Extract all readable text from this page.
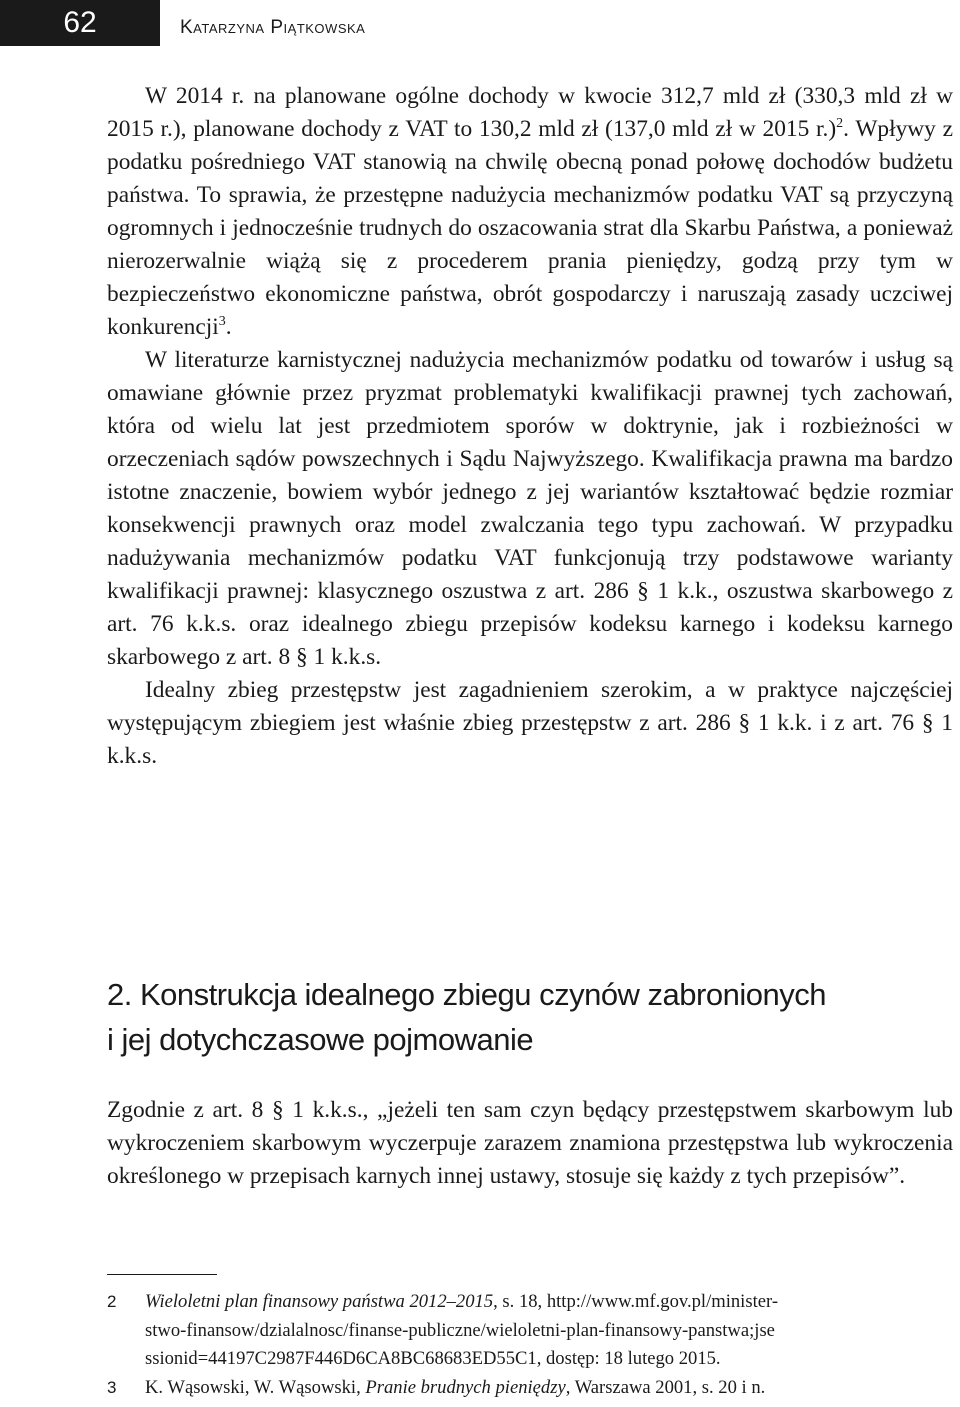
62	Katarzyna Piątkowska

W 2014 r. na planowane ogólne dochody w kwocie 312,7 mld zł (330,3 mld zł w 2015 r.), planowane dochody z VAT to 130,2 mld zł (137,0 mld zł w 2015 r.)$^2$. Wpływy z podatku pośredniego VAT stanowią na chwilę obecną ponad połowę dochodów budżetu państwa. To sprawia, że przestępne nadużycia mechanizmów podatku VAT są przyczyną ogromnych i jednocześnie trudnych do oszacowania strat dla Skarbu Państwa, a ponieważ nierozerwalnie wiążą się z procederem prania pieniędzy, godzą przy tym w bezpieczeństwo ekonomiczne państwa, obrót gospodarczy i naruszają zasady uczciwej konkurencji$^3$.

W literaturze karnistycznej nadużycia mechanizmów podatku od towarów i usług są omawiane głównie przez pryzmat problematyki kwalifikacji prawnej tych zachowań, która od wielu lat jest przedmiotem sporów w doktrynie, jak i rozbieżności w orzeczeniach sądów powszechnych i Sądu Najwyższego. Kwalifikacja prawna ma bardzo istotne znaczenie, bowiem wybór jednego z jej wariantów kształtować będzie rozmiar konsekwencji prawnych oraz model zwalczania tego typu zachowań. W przypadku nadużywania mechanizmów podatku VAT funkcjonują trzy podstawowe warianty kwalifikacji prawnej: klasycznego oszustwa z art. 286 § 1 k.k., oszustwa skarbowego z art. 76 k.k.s. oraz idealnego zbiegu przepisów kodeksu karnego i kodeksu karnego skarbowego z art. 8 § 1 k.k.s.

Idealny zbieg przestępstw jest zagadnieniem szerokim, a w praktyce najczęściej występującym zbiegiem jest właśnie zbieg przestępstw z art. 286 § 1 k.k. i z art. 76 § 1 k.k.s.

2. Konstrukcja idealnego zbiegu czynów zabronionych
i jej dotychczasowe pojmowanie

Zgodnie z art. 8 § 1 k.k.s., „jeżeli ten sam czyn będący przestępstwem skarbowym lub wykroczeniem skarbowym wyczerpuje zarazem znamiona przestępstwa lub wykroczenia określonego w przepisach karnych innej ustawy, stosuje się każdy z tych przepisów”.

2 Wieloletni plan finansowy państwa 2012–2015, s. 18, http://www.mf.gov.pl/minister-
stwo-finansow/dzialalnosc/finanse-publiczne/wieloletni-plan-finansowy-panstwa;jse
ssionid=44197C2987F446D6CA8BC68683ED55C1, dostęp: 18 lutego 2015.
3 K. Wąsowski, W. Wąsowski, Pranie brudnych pieniędzy, Warszawa 2001, s. 20 i n.
